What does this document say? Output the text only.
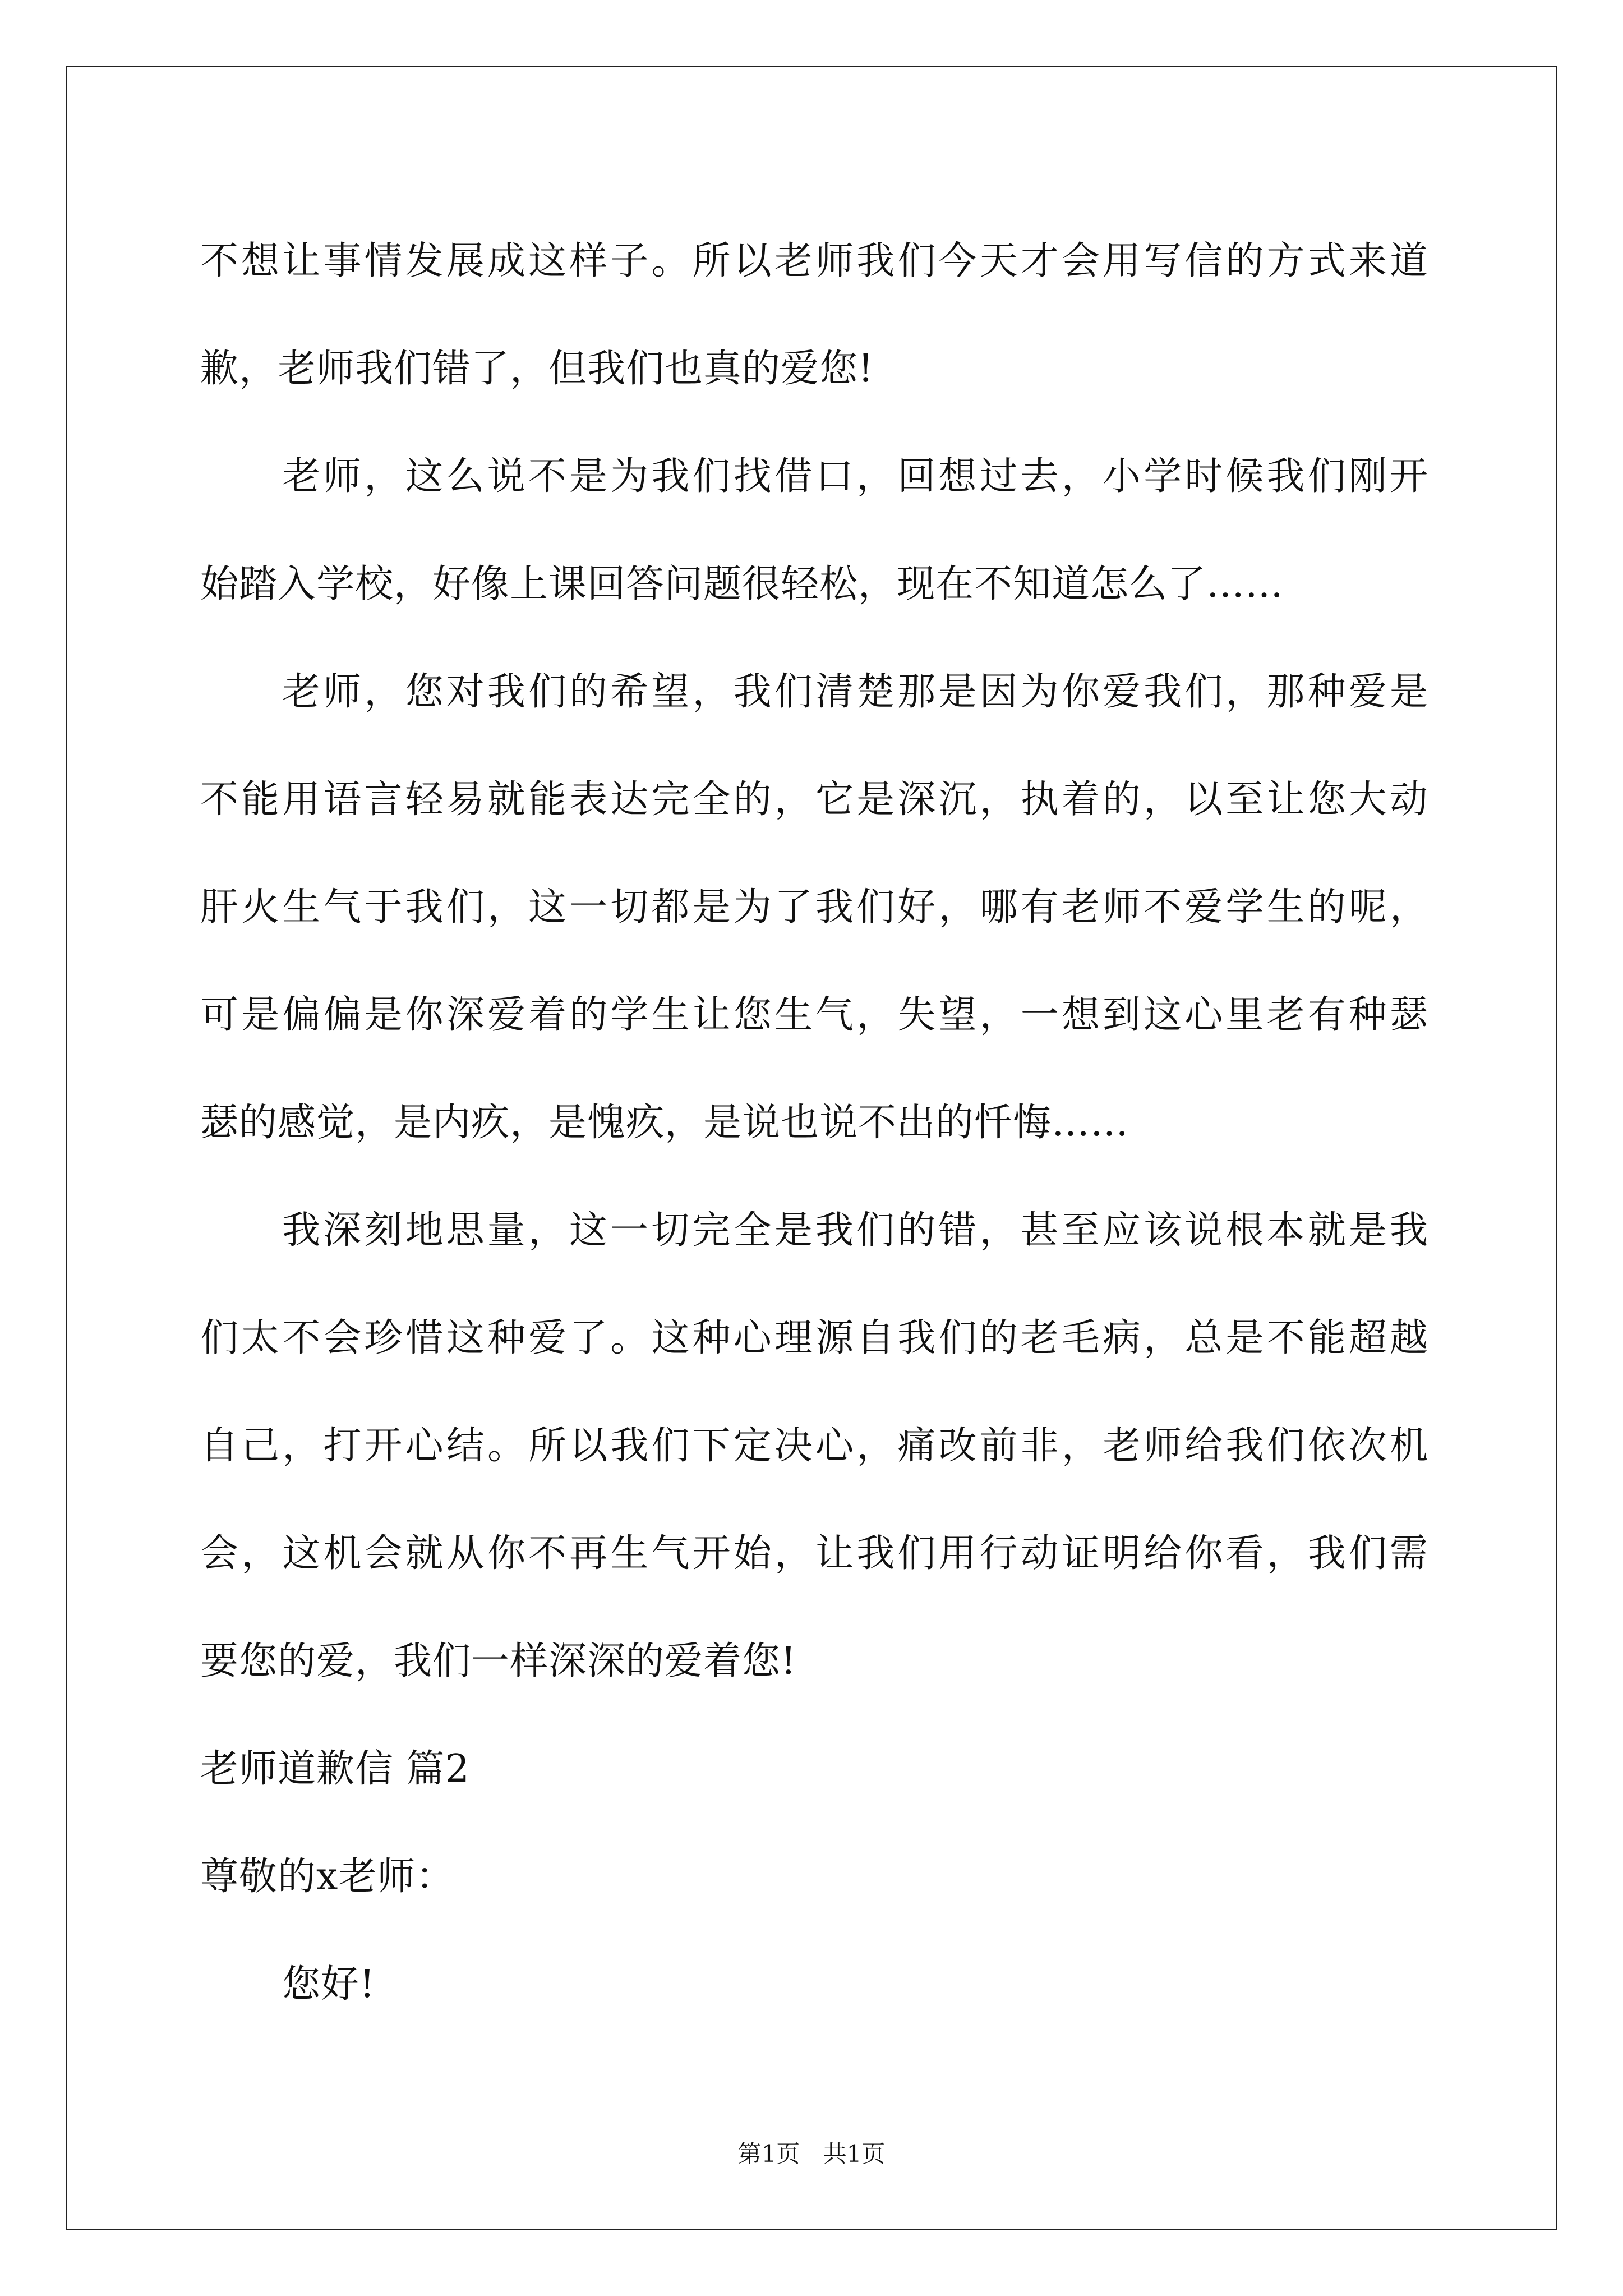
不想让事情发展成这样子。所以老师我们今天才会用写信的方式来道
歉，老师我们错了，但我们也真的爱您!
老师，这么说不是为我们找借口，回想过去，小学时候我们刚开
始踏入学校，好像上课回答问题很轻松，现在不知道怎么了……
老师，您对我们的希望，我们清楚那是因为你爱我们，那种爱是
不能用语言轻易就能表达完全的，它是深沉，执着的，以至让您大动
肝火生气于我们，这一切都是为了我们好，哪有老师不爱学生的呢，
可是偏偏是你深爱着的学生让您生气，失望，一想到这心里老有种瑟
瑟的感觉，是内疚，是愧疚，是说也说不出的忏悔……
我深刻地思量，这一切完全是我们的错，甚至应该说根本就是我
们太不会珍惜这种爱了。这种心理源自我们的老毛病，总是不能超越
自己，打开心结。所以我们下定决心，痛改前非，老师给我们依次机
会，这机会就从你不再生气开始，让我们用行动证明给你看，我们需
要您的爱，我们一样深深的爱着您!
老师道歉信 篇2
尊敬的x老师：
您好!
第1页 共1页
